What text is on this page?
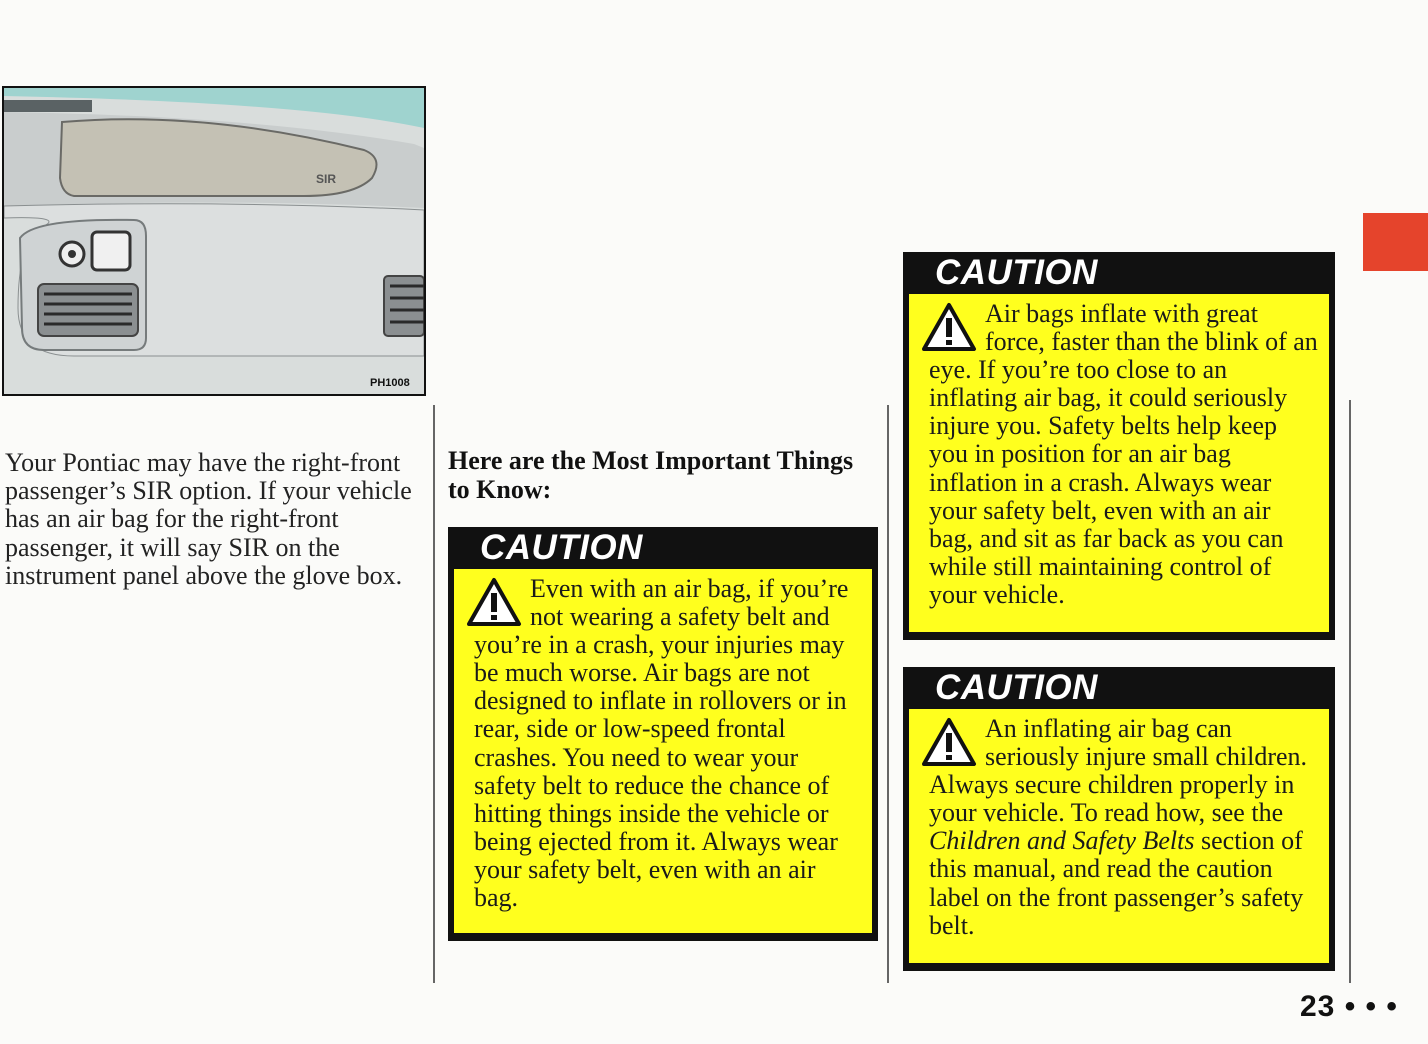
SIR
PH1008
Your Pontiac may have the right-front passenger’s SIR option. If your vehicle has an air bag for the right-front passenger, it will say SIR on the instrument panel above the glove box.
Here are the Most Important Things to Know:
CAUTION
Even with an air bag, if you’re not wearing a safety belt and you’re in a crash, your injuries may be much worse. Air bags are not designed to inflate in rollovers or in rear, side or low-speed frontal crashes. You need to wear your safety belt to reduce the chance of hitting things inside the vehicle or being ejected from it. Always wear your safety belt, even with an air bag.
CAUTION
Air bags inflate with great force, faster than the blink of an eye. If you’re too close to an inflating air bag, it could seriously injure you. Safety belts help keep you in position for an air bag inflation in a crash. Always wear your safety belt, even with an air bag, and sit as far back as you can while still maintaining control of your vehicle.
CAUTION
An inflating air bag can seriously injure small children. Always secure children properly in your vehicle. To read how, see the Children and Safety Belts section of this manual, and read the caution label on the front passenger’s safety belt.
23 • • •
